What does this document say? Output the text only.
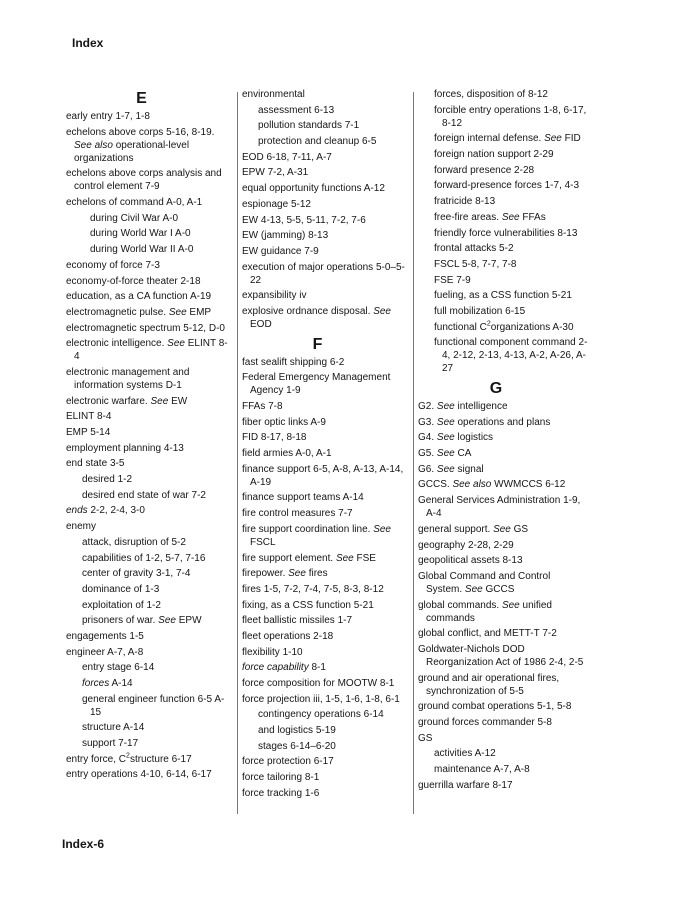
Index
E
early entry 1-7, 1-8
echelons above corps 5-16, 8-19. See also operational-level organizations
echelons above corps analysis and control element 7-9
echelons of command A-0, A-1
during Civil War A-0
during World War I A-0
during World War II A-0
economy of force 7-3
economy-of-force theater 2-18
education, as a CA function A-19
electromagnetic pulse. See EMP
electromagnetic spectrum 5-12, D-0
electronic intelligence. See ELINT 8-4
electronic management and information systems D-1
electronic warfare. See EW
ELINT 8-4
EMP 5-14
employment planning 4-13
end state 3-5
desired 1-2
desired end state of war 7-2
ends 2-2, 2-4, 3-0
enemy
attack, disruption of 5-2
capabilities of 1-2, 5-7, 7-16
center of gravity 3-1, 7-4
dominance of 1-3
exploitation of 1-2
prisoners of war. See EPW
engagements 1-5
engineer A-7, A-8
entry stage 6-14
forces A-14
general engineer function 6-5 A-15
structure A-14
support 7-17
entry force, $C^2structure$ 6-17
entry operations 4-10, 6-14, 6-17
environmental
assessment 6-13
pollution standards 7-1
protection and cleanup 6-5
EOD 6-18, 7-11, A-7
EPW 7-2, A-31
equal opportunity functions A-12
espionage 5-12
EW 4-13, 5-5, 5-11, 7-2, 7-6
EW (jamming) 8-13
EW guidance 7-9
execution of major operations 5-0–5-22
expansibility iv
explosive ordnance disposal. See EOD
F
fast sealift shipping 6-2
Federal Emergency Management Agency 1-9
FFAs 7-8
fiber optic links A-9
FID 8-17, 8-18
field armies A-0, A-1
finance support 6-5, A-8, A-13, A-14, A-19
finance support teams A-14
fire control measures 7-7
fire support coordination line. See FSCL
fire support element. See FSE
firepower. See fires
fires 1-5, 7-2, 7-4, 7-5, 8-3, 8-12
fixing, as a CSS function 5-21
fleet ballistic missiles 1-7
fleet operations 2-18
flexibility 1-10
force capability 8-1
force composition for MOOTW 8-1
force projection iii, 1-5, 1-6, 1-8, 6-1
contingency operations 6-14
and logistics 5-19
stages 6-14–6-20
force protection 6-17
force tailoring 8-1
force tracking 1-6
forces, disposition of 8-12
forcible entry operations 1-8, 6-17, 8-12
foreign internal defense. See FID
foreign nation support 2-29
forward presence 2-28
forward-presence forces 1-7, 4-3
fratricide 8-13
free-fire areas. See FFAs
friendly force vulnerabilities 8-13
frontal attacks 5-2
FSCL 5-8, 7-7, 7-8
FSE 7-9
fueling, as a CSS function 5-21
full mobilization 6-15
functional $C^2organizations$ A-30
functional component command 2-4, 2-12, 2-13, 4-13, A-2, A-26, A-27
G
G2. See intelligence
G3. See operations and plans
G4. See logistics
G5. See CA
G6. See signal
GCCS. See also WWMCCS 6-12
General Services Administration 1-9, A-4
general support. See GS
geography 2-28, 2-29
geopolitical assets 8-13
Global Command and Control System. See GCCS
global commands. See unified commands
global conflict, and METT-T 7-2
Goldwater-Nichols DOD Reorganization Act of 1986 2-4, 2-5
ground and air operational fires, synchronization of 5-5
ground combat operations 5-1, 5-8
ground forces commander 5-8
GS
activities A-12
maintenance A-7, A-8
guerrilla warfare 8-17
Index-6
